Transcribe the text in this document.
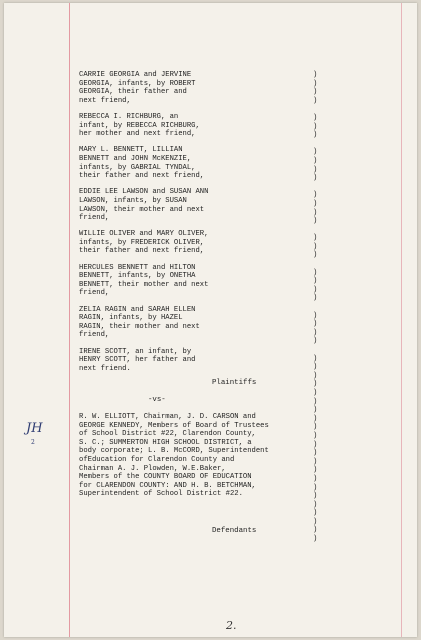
CARRIE GEORGIA and JERVINE
GEORGIA, infants, by ROBERT
GEORGIA, their father and
next friend,
REBECCA I. RICHBURG, an
infant, by REBECCA RICHBURG,
her mother and next friend,
MARY L. BENNETT, LILLIAN
BENNETT and JOHN McKENZIE,
infants, by GABRIAL TYNDAL,
their father and next friend,
EDDIE LEE LAWSON and SUSAN ANN
LAWSON, infants, by SUSAN
LAWSON, their mother and next
friend,
WILLIE OLIVER and MARY OLIVER,
infants, by FREDERICK OLIVER,
their father and next friend,
HERCULES BENNETT and HILTON
BENNETT, infants, by ONETHA
BENNETT, their mother and next
friend,
ZELIA RAGIN and SARAH ELLEN
RAGIN, infants, by HAZEL
RAGIN, their mother and next
friend,
IRENE SCOTT, an infant, by
HENRY SCOTT, her father and
next friend.
)
)
)
)

)
)
)

)
)
)
)

)
)
)
)

)
)
)

)
)
)
)

)
)
)
)

)
)
)
)
)
)
)
)
)
)
)
)
)
)
)
)
)
)
)
)
)
)
Plaintiffs
-vs-
R. W. ELLIOTT, Chairman, J. D. CARSON and
GEORGE KENNEDY, Members of Board of Trustees
of School District #22, Clarendon County,
S. C.; SUMMERTON HIGH SCHOOL DISTRICT, a
body corporate; L. B. McCORD, Superintendent
ofEducation for Clarendon County and
Chairman A. J. Plowden, W.E.Baker,
Members of the COUNTY BOARD OF EDUCATION
for CLARENDON COUNTY: AND H. B. BETCHMAN,
Superintendent of School District #22.
Defendants
JH
2
2.
